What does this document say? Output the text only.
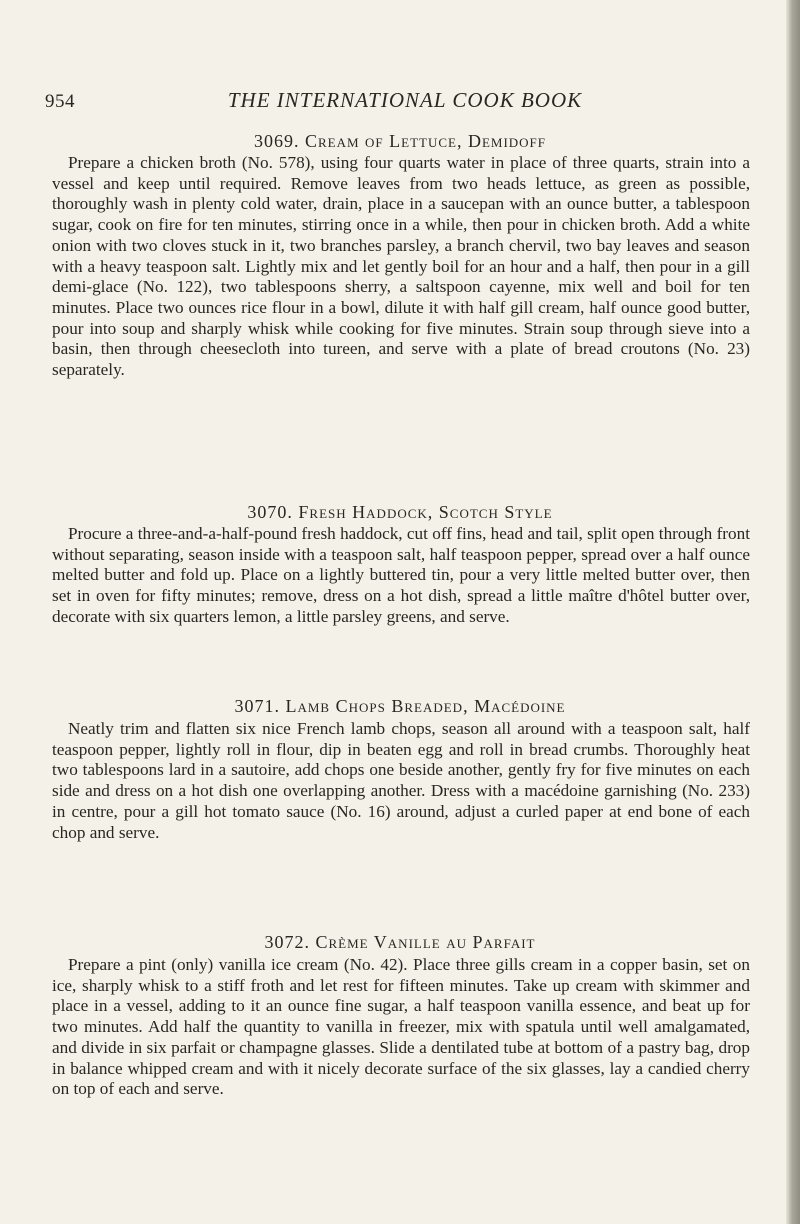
954	THE INTERNATIONAL COOK BOOK
3069. Cream of Lettuce, Demidoff

Prepare a chicken broth (No. 578), using four quarts water in place of three quarts, strain into a vessel and keep until required. Remove leaves from two heads lettuce, as green as possible, thoroughly wash in plenty cold water, drain, place in a saucepan with an ounce butter, a tablespoon sugar, cook on fire for ten minutes, stirring once in a while, then pour in chicken broth. Add a white onion with two cloves stuck in it, two branches parsley, a branch chervil, two bay leaves and season with a heavy teaspoon salt. Lightly mix and let gently boil for an hour and a half, then pour in a gill demi-glace (No. 122), two tablespoons sherry, a saltspoon cayenne, mix well and boil for ten minutes. Place two ounces rice flour in a bowl, dilute it with half gill cream, half ounce good butter, pour into soup and sharply whisk while cooking for five minutes. Strain soup through sieve into a basin, then through cheesecloth into tureen, and serve with a plate of bread croutons (No. 23) separately.

3070. Fresh Haddock, Scotch Style

Procure a three-and-a-half-pound fresh haddock, cut off fins, head and tail, split open through front without separating, season inside with a teaspoon salt, half teaspoon pepper, spread over a half ounce melted butter and fold up. Place on a lightly buttered tin, pour a very little melted butter over, then set in oven for fifty minutes; remove, dress on a hot dish, spread a little maître d'hôtel butter over, decorate with six quarters lemon, a little parsley greens, and serve.

3071. Lamb Chops Breaded, Macédoine

Neatly trim and flatten six nice French lamb chops, season all around with a teaspoon salt, half teaspoon pepper, lightly roll in flour, dip in beaten egg and roll in bread crumbs. Thoroughly heat two tablespoons lard in a sautoire, add chops one beside another, gently fry for five minutes on each side and dress on a hot dish one overlapping another. Dress with a macédoine garnishing (No. 233) in centre, pour a gill hot tomato sauce (No. 16) around, adjust a curled paper at end bone of each chop and serve.

3072. Crème Vanille au Parfait

Prepare a pint (only) vanilla ice cream (No. 42). Place three gills cream in a copper basin, set on ice, sharply whisk to a stiff froth and let rest for fifteen minutes. Take up cream with skimmer and place in a vessel, adding to it an ounce fine sugar, a half teaspoon vanilla essence, and beat up for two minutes. Add half the quantity to vanilla in freezer, mix with spatula until well amalgamated, and divide in six parfait or champagne glasses. Slide a dentilated tube at bottom of a pastry bag, drop in balance whipped cream and with it nicely decorate surface of the six glasses, lay a candied cherry on top of each and serve.
